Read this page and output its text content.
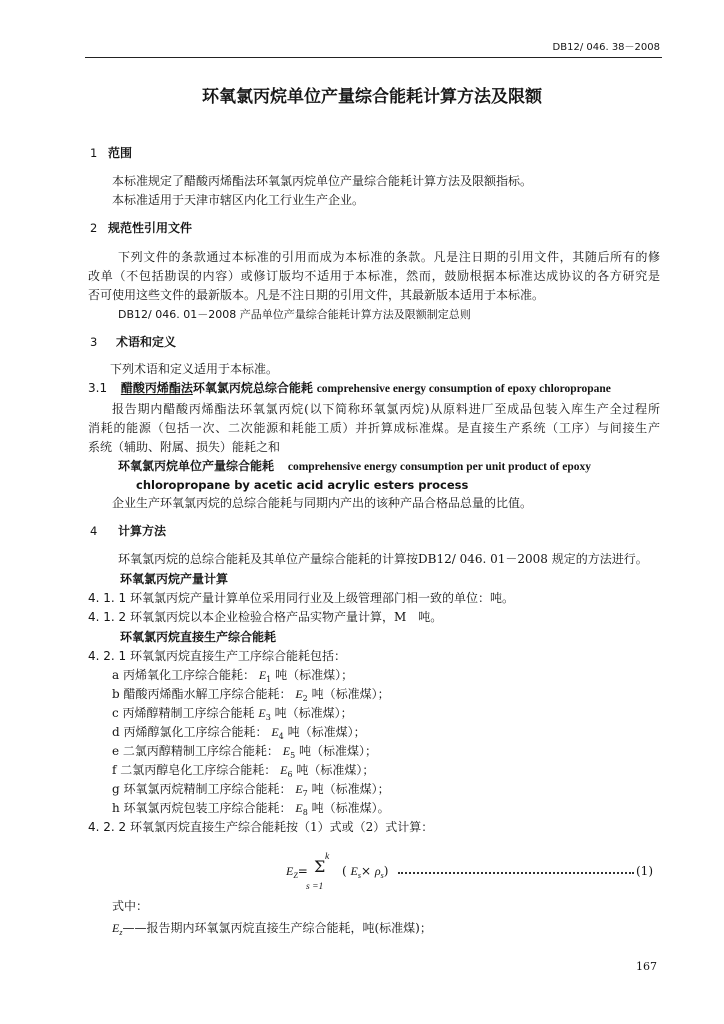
DB12/ 046. 38－2008
环氧氯丙烷单位产量综合能耗计算方法及限额
1 范围
本标准规定了醋酸丙烯酯法环氧氯丙烷单位产量综合能耗计算方法及限额指标。
本标准适用于天津市辖区内化工行业生产企业。
2 规范性引用文件
下列文件的条款通过本标准的引用而成为本标准的条款。凡是注日期的引用文件，其随后所有的修
改单（不包括勘误的内容）或修订版均不适用于本标准，然而，鼓励根据本标准达成协议的各方研究是
否可使用这些文件的最新版本。凡是不注日期的引用文件，其最新版本适用于本标准。
DB12/ 046. 01－2008 产品单位产量综合能耗计算方法及限额制定总则
3 术语和定义
下列术语和定义适用于本标准。
3.1 醋酸丙烯酯法环氧氯丙烷总综合能耗 comprehensive energy consumption of epoxy chloropropane
报告期内醋酸丙烯酯法环氧氯丙烷(以下简称环氧氯丙烷)从原料进厂至成品包装入库生产全过程所
消耗的能源（包括一次、二次能源和耗能工质）并折算成标准煤。是直接生产系统（工序）与间接生产
系统（辅助、附属、损失）能耗之和
环氧氯丙烷单位产量综合能耗 comprehensive energy consumption per unit product of epoxy
chloropropane by acetic acid acrylic esters process
企业生产环氧氯丙烷的总综合能耗与同期内产出的该种产品合格品总量的比值。
4 计算方法
环氧氯丙烷的总综合能耗及其单位产量综合能耗的计算按DB12/ 046. 01－2008 规定的方法进行。
环氧氯丙烷产量计算
4. 1. 1 环氧氯丙烷产量计算单位采用同行业及上级管理部门相一致的单位：吨。
4. 1. 2 环氧氯丙烷以本企业检验合格产品实物产量计算，M　吨。
环氧氯丙烷直接生产综合能耗
4. 2. 1 环氧氯丙烷直接生产工序综合能耗包括：
a 丙烯氧化工序综合能耗： $E_1$ 吨（标准煤）；
b 醋酸丙烯酯水解工序综合能耗： $E_2$ 吨（标准煤）；
c 丙烯醇精制工序综合能耗 $E_3$ 吨（标准煤）；
d 丙烯醇氯化工序综合能耗： $E_4$ 吨（标准煤）；
e 二氯丙醇精制工序综合能耗： $E_5$ 吨（标准煤）；
f 二氯丙醇皂化工序综合能耗： $E_6$ 吨（标准煤）；
g 环氧氯丙烷精制工序综合能耗： $E_7$ 吨（标准煤）；
h 环氧氯丙烷包装工序综合能耗： $E_8$ 吨（标准煤）。
4. 2. 2 环氧氯丙烷直接生产综合能耗按（1）式或（2）式计算：
$E_Z= \Sigma$ k
s =1
( $E_s\times \rho_s$)	(1)
式中：
$E_z——$报告期内环氧氯丙烷直接生产综合能耗，吨(标准煤)；
167
